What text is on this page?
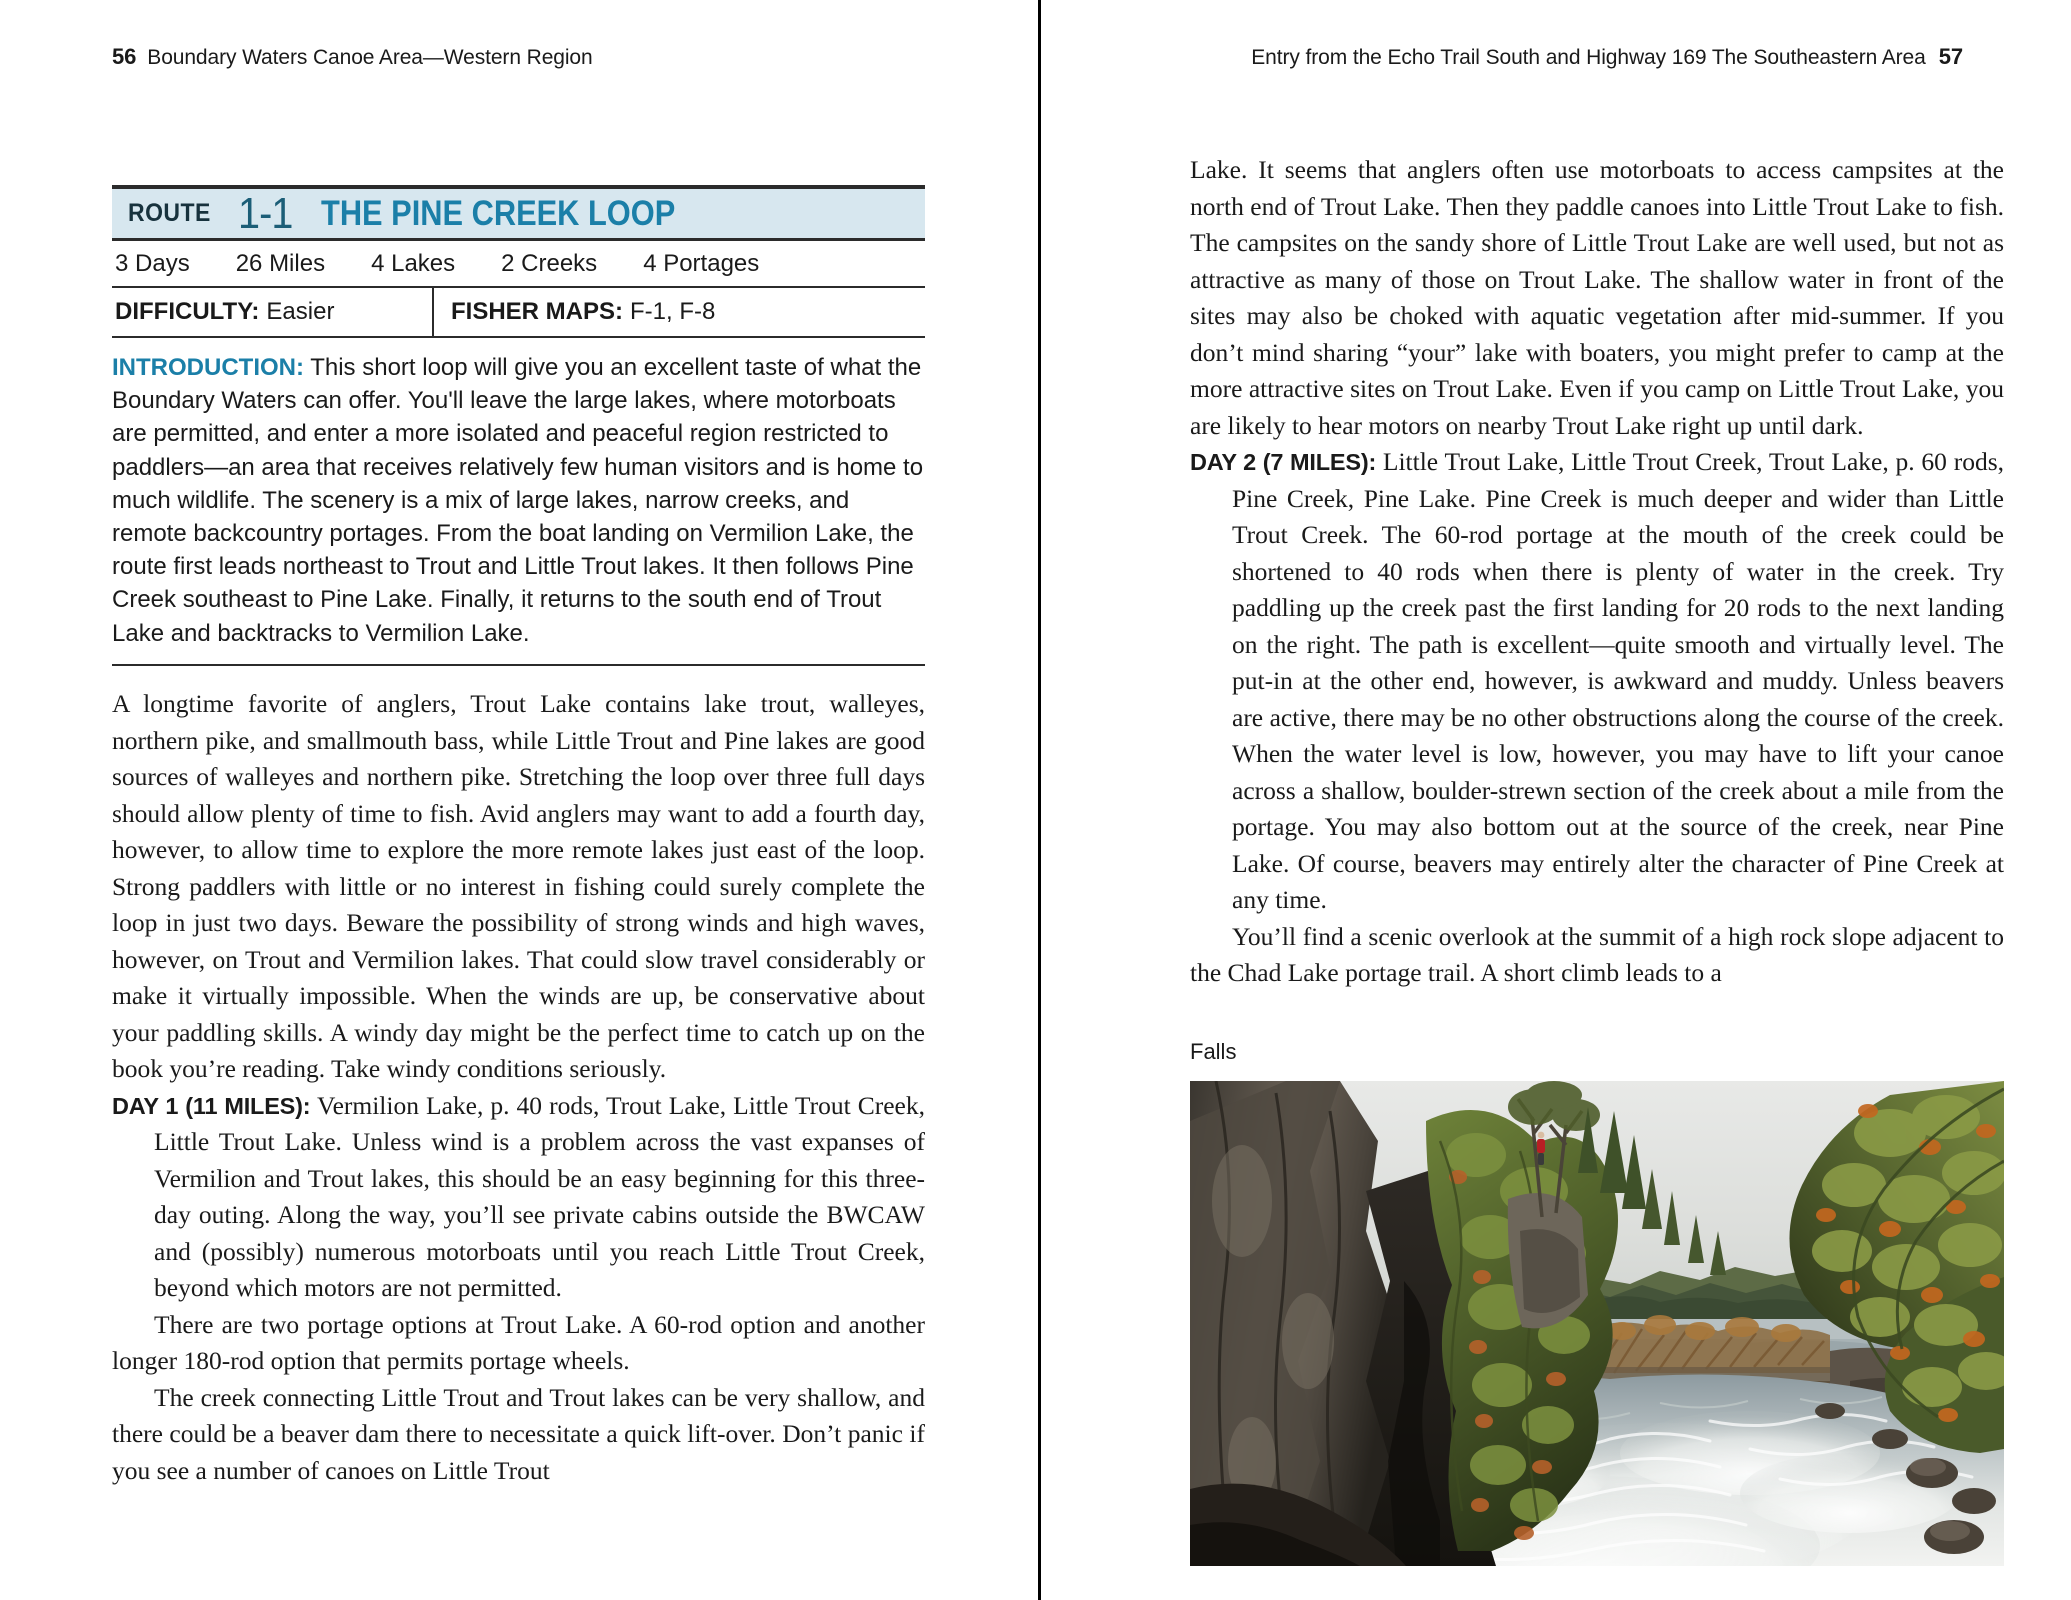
56 Boundary Waters Canoe Area—Western Region
ROUTE 1-1 THE PINE CREEK LOOP
3 Days 26 Miles 4 Lakes 2 Creeks 4 Portages
DIFFICULTY: Easier	FISHER MAPS: F-1, F-8
INTRODUCTION: This short loop will give you an excellent taste of what the Boundary Waters can offer. You'll leave the large lakes, where motorboats are permitted, and enter a more isolated and peaceful region restricted to paddlers—an area that receives relatively few human visitors and is home to much wildlife. The scenery is a mix of large lakes, narrow creeks, and remote backcountry portages. From the boat landing on Vermilion Lake, the route first leads northeast to Trout and Little Trout lakes. It then follows Pine Creek southeast to Pine Lake. Finally, it returns to the south end of Trout Lake and backtracks to Vermilion Lake.

A longtime favorite of anglers, Trout Lake contains lake trout, walleyes, northern pike, and smallmouth bass, while Little Trout and Pine lakes are good sources of walleyes and northern pike. Stretching the loop over three full days should allow plenty of time to fish. Avid anglers may want to add a fourth day, however, to allow time to explore the more remote lakes just east of the loop. Strong paddlers with little or no interest in fishing could surely complete the loop in just two days. Beware the possibility of strong winds and high waves, however, on Trout and Vermilion lakes. That could slow travel considerably or make it virtually impossible. When the winds are up, be conservative about your paddling skills. A windy day might be the perfect time to catch up on the book you’re reading. Take windy conditions seriously.

DAY 1 (11 MILES): Vermilion Lake, p. 40 rods, Trout Lake, Little Trout Creek, Little Trout Lake. Unless wind is a problem across the vast expanses of Vermilion and Trout lakes, this should be an easy beginning for this three-day outing. Along the way, you’ll see private cabins outside the BWCAW and (possibly) numerous motorboats until you reach Little Trout Creek, beyond which motors are not permitted.

There are two portage options at Trout Lake. A 60-rod option and another longer 180-rod option that permits portage wheels.

The creek connecting Little Trout and Trout lakes can be very shallow, and there could be a beaver dam there to necessitate a quick lift-over. Don’t panic if you see a number of canoes on Little Trout

Entry from the Echo Trail South and Highway 169 The Southeastern Area 57

Lake. It seems that anglers often use motorboats to access campsites at the north end of Trout Lake. Then they paddle canoes into Little Trout Lake to fish. The campsites on the sandy shore of Little Trout Lake are well used, but not as attractive as many of those on Trout Lake. The shallow water in front of the sites may also be choked with aquatic vegetation after mid-summer. If you don’t mind sharing “your” lake with boaters, you might prefer to camp at the more attractive sites on Trout Lake. Even if you camp on Little Trout Lake, you are likely to hear motors on nearby Trout Lake right up until dark.

DAY 2 (7 MILES): Little Trout Lake, Little Trout Creek, Trout Lake, p. 60 rods, Pine Creek, Pine Lake. Pine Creek is much deeper and wider than Little Trout Creek. The 60-rod portage at the mouth of the creek could be shortened to 40 rods when there is plenty of water in the creek. Try paddling up the creek past the first landing for 20 rods to the next landing on the right. The path is excellent—quite smooth and virtually level. The put-in at the other end, however, is awkward and muddy. Unless beavers are active, there may be no other obstructions along the course of the creek. When the water level is low, however, you may have to lift your canoe across a shallow, boulder-strewn section of the creek about a mile from the portage. You may also bottom out at the source of the creek, near Pine Lake. Of course, beavers may entirely alter the character of Pine Creek at any time.

You’ll find a scenic overlook at the summit of a high rock slope adjacent to the Chad Lake portage trail. A short climb leads to a

Falls
